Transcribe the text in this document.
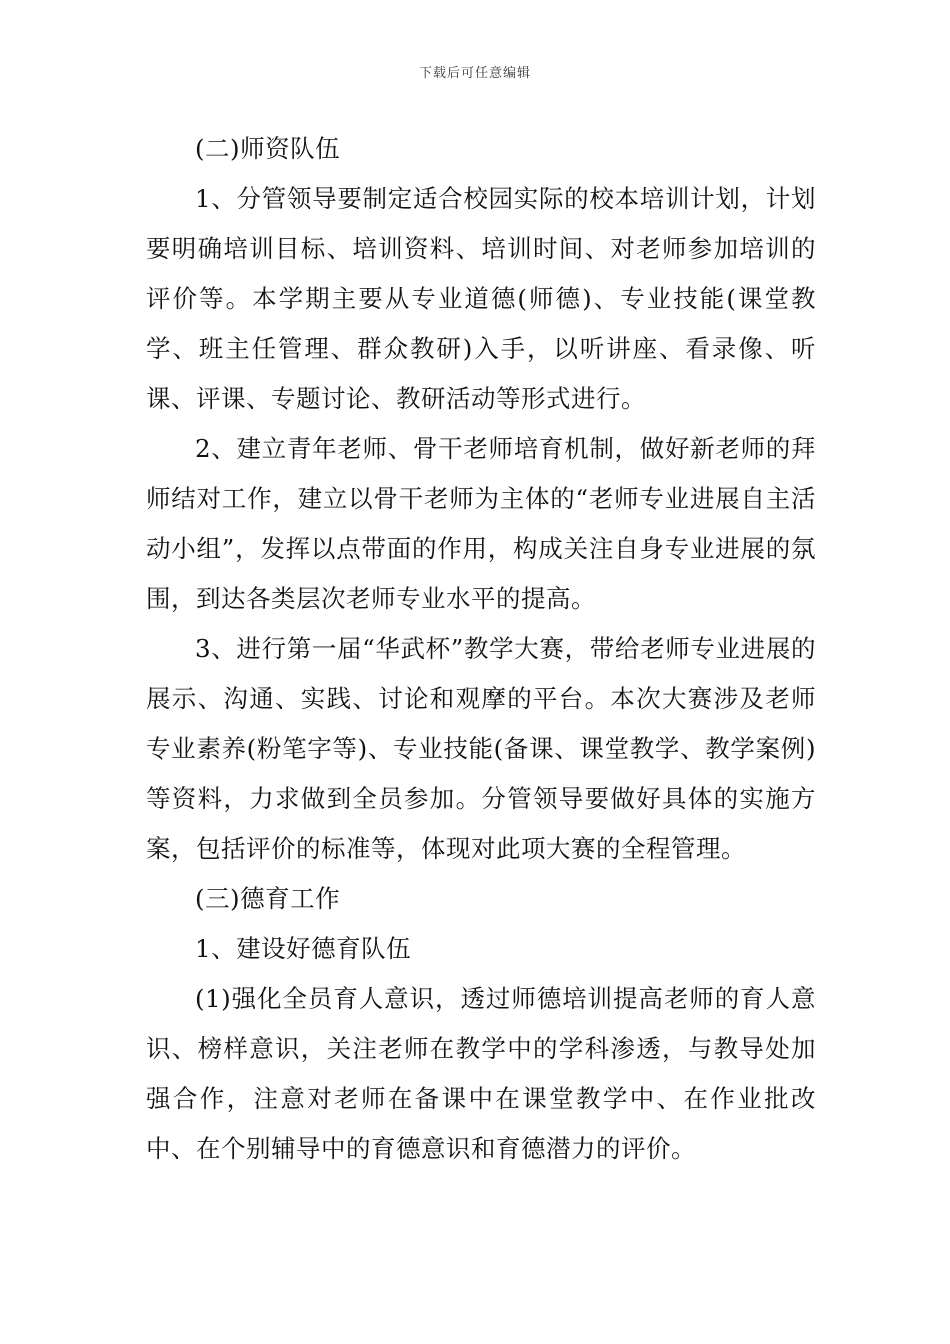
下载后可任意编辑

(二)师资队伍

1、分管领导要制定适合校园实际的校本培训计划，计划要明确培训目标、培训资料、培训时间、对老师参加培训的评价等。本学期主要从专业道德(师德)、专业技能(课堂教学、班主任管理、群众教研)入手，以听讲座、看录像、听课、评课、专题讨论、教研活动等形式进行。

2、建立青年老师、骨干老师培育机制，做好新老师的拜师结对工作，建立以骨干老师为主体的“老师专业进展自主活动小组”，发挥以点带面的作用，构成关注自身专业进展的氛围，到达各类层次老师专业水平的提高。

3、进行第一届“华武杯”教学大赛，带给老师专业进展的展示、沟通、实践、讨论和观摩的平台。本次大赛涉及老师专业素养(粉笔字等)、专业技能(备课、课堂教学、教学案例)等资料，力求做到全员参加。分管领导要做好具体的实施方案，包括评价的标准等，体现对此项大赛的全程管理。

(三)德育工作

1、建设好德育队伍

(1)强化全员育人意识，透过师德培训提高老师的育人意识、榜样意识，关注老师在教学中的学科渗透，与教导处加强合作，注意对老师在备课中在课堂教学中、在作业批改中、在个别辅导中的育德意识和育德潜力的评价。
